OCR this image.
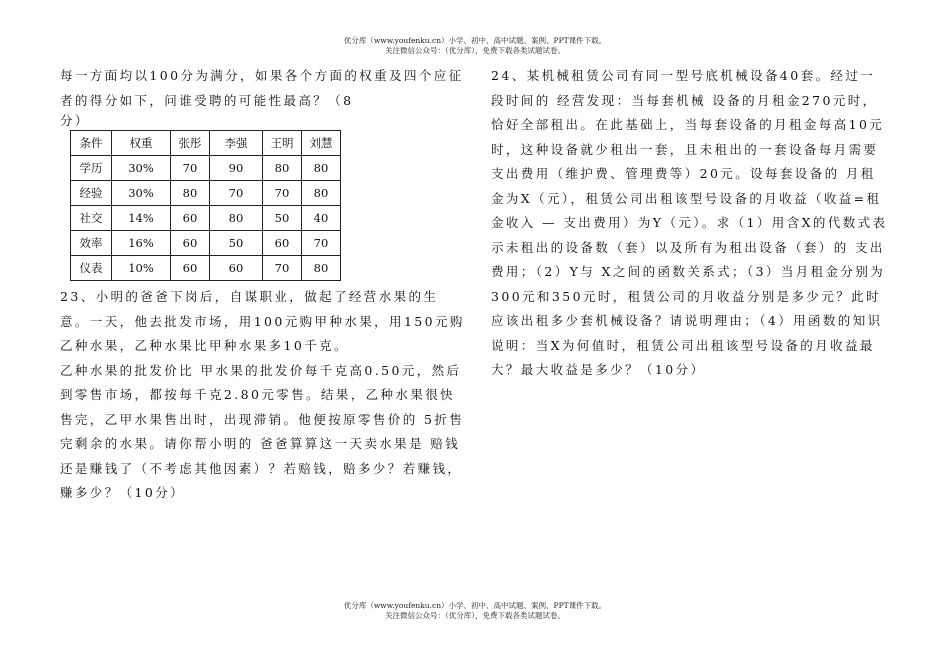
优分库（www.youfenku.cn）小学、初中、高中试题、案例、PPT课件下载。
关注微信公众号：（优分库），免费下载各类试题试卷。

每一方面均以100分为满分，如果各个方面的权重及四个应征者的得分如下，问谁受聘的可能性最高？（8

分）

条件	权重	张彤	李强	王明	刘慧
学历	30%	70	90	80	80
经验	30%	80	70	70	80
社交	14%	60	80	50	40
效率	16%	60	50	60	70
仪表	10%	60	60	70	80

23、小明的爸爸下岗后，自谋职业，做起了经营水果的生意。一天，他去批发市场，用100元购甲种水果，用150元购乙种水果，乙种水果比甲种水果多10千克。

乙种水果的批发价比 甲水果的批发价每千克高0.50元，然后到零售市场，都按每千克2.80元零售。结果，乙种水果很快售完，乙甲水果售出时，出现滞销。他便按原零售价的 5折售完剩余的水果。请你帮小明的 爸爸算算这一天卖水果是 赔钱还是赚钱了（不考虑其他因素）？若赔钱，赔多少？若赚钱，赚多少？（10分）

24、某机械租赁公司有同一型号底机械设备40套。经过一段时间的 经营发现：当每套机械 设备的月租金270元时，恰好全部租出。在此基础上，当每套设备的月租金每高10元时，这种设备就少租出一套，且未租出的一套设备每月需要支出费用（维护费、管理费等）20元。设每套设备的 月租金为X（元），租赁公司出租该型号设备的月收益（收益=租金收入 — 支出费用）为Y（元）。求（1）用含X的代数式表示未租出的设备数（套）以及所有为租出设备（套）的 支出费用；（2）Y与 X之间的函数关系式；（3）当月租金分别为300元和350元时，租赁公司的月收益分别是多少元？此时应该出租多少套机械设备？请说明理由；（4）用函数的知识说明：当X为何值时，租赁公司出租该型号设备的月收益最大？最大收益是多少？（10分）

优分库（www.youfenku.cn）小学、初中、高中试题、案例、PPT课件下载。
关注微信公众号：（优分库），免费下载各类试题试卷。
